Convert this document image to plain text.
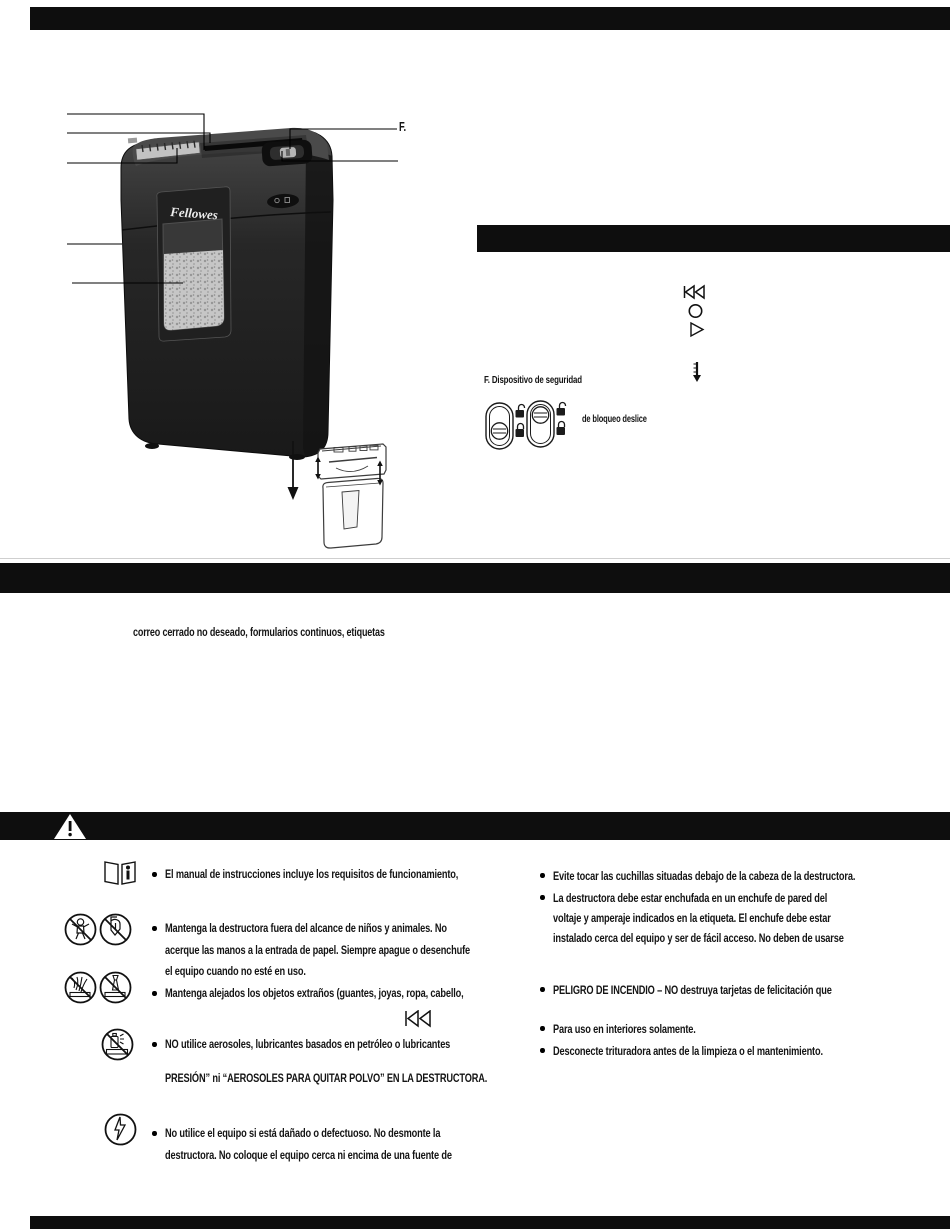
Fellowes
F.
F. Dispositivo de seguridad
de bloqueo deslice
correo cerrado no deseado, formularios continuos, etiquetas
El manual de instrucciones incluye los requisitos de funcionamiento,
Mantenga la destructora fuera del alcance de niños y animales. No
acerque las manos a la entrada de papel. Siempre apague o desenchufe
el equipo cuando no esté en uso.
Mantenga alejados los objetos extraños (guantes, joyas, ropa, cabello,
NO utilice aerosoles, lubricantes basados en petróleo o lubricantes
PRESIÓN” ni “AEROSOLES PARA QUITAR POLVO” EN LA DESTRUCTORA.
No utilice el equipo si está dañado o defectuoso. No desmonte la
destructora. No coloque el equipo cerca ni encima de una fuente de
Evite tocar las cuchillas situadas debajo de la cabeza de la destructora.
La destructora debe estar enchufada en un enchufe de pared del
voltaje y amperaje indicados en la etiqueta. El enchufe debe estar
instalado cerca del equipo y ser de fácil acceso. No deben de usarse
PELIGRO DE INCENDIO – NO destruya tarjetas de felicitación que
Para uso en interiores solamente.
Desconecte trituradora antes de la limpieza o el mantenimiento.
